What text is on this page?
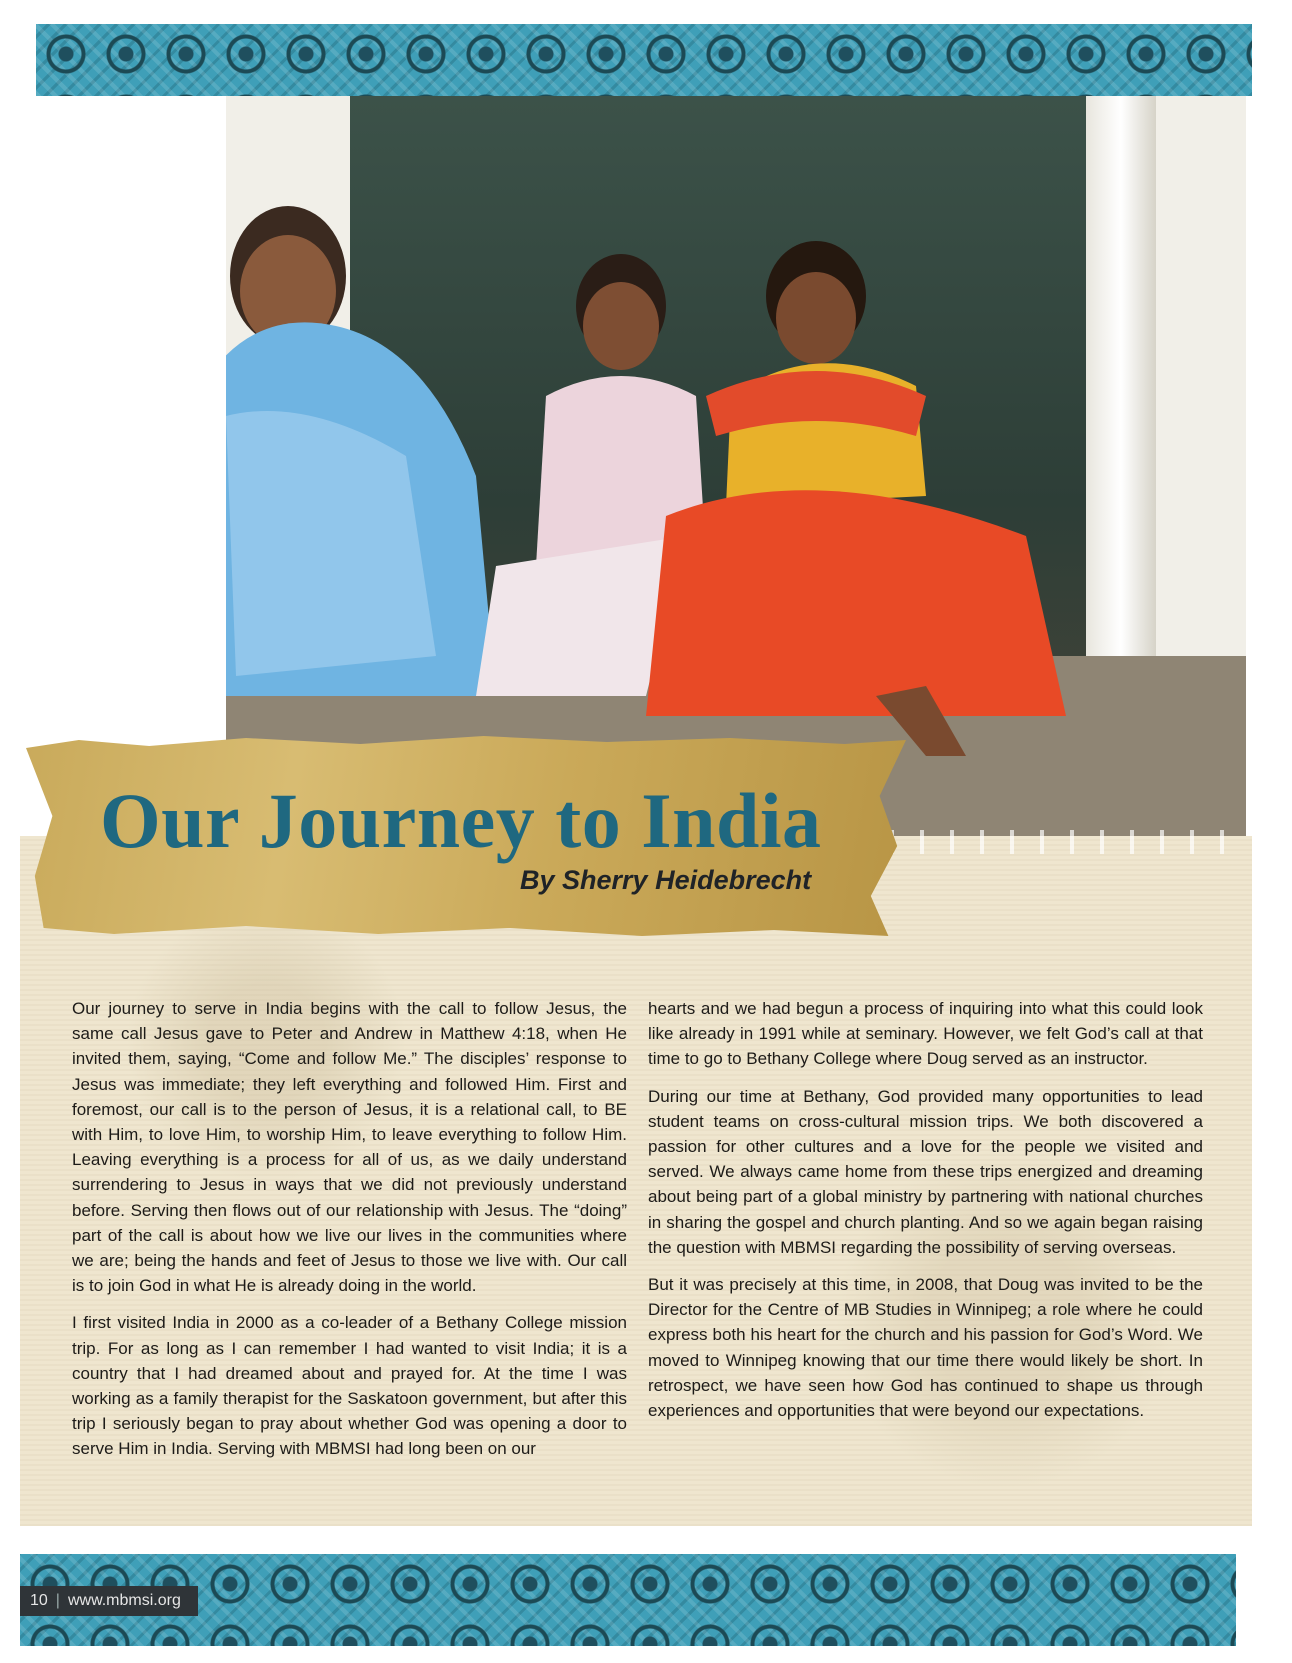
Our Journey to India

By Sherry Heidebrecht

Our journey to serve in India begins with the call to follow Jesus, the same call Jesus gave to Peter and Andrew in Matthew 4:18, when He invited them, saying, “Come and follow Me.” The disciples’ response to Jesus was immediate; they left everything and followed Him. First and foremost, our call is to the person of Jesus, it is a relational call, to BE with Him, to love Him, to worship Him, to leave everything to follow Him. Leaving everything is a process for all of us, as we daily understand surrendering to Jesus in ways that we did not previously understand before. Serving then flows out of our relationship with Jesus. The “doing” part of the call is about how we live our lives in the communities where we are; being the hands and feet of Jesus to those we live with. Our call is to join God in what He is already doing in the world.

I first visited India in 2000 as a co-leader of a Bethany College mission trip. For as long as I can remember I had wanted to visit India; it is a country that I had dreamed about and prayed for. At the time I was working as a family therapist for the Saskatoon government, but after this trip I seriously began to pray about whether God was opening a door to serve Him in India. Serving with MBMSI had long been on our

hearts and we had begun a process of inquiring into what this could look like already in 1991 while at seminary. However, we felt God’s call at that time to go to Bethany College where Doug served as an instructor.

During our time at Bethany, God provided many opportunities to lead student teams on cross-cultural mission trips. We both discovered a passion for other cultures and a love for the people we visited and served. We always came home from these trips energized and dreaming about being part of a global ministry by partnering with national churches in sharing the gospel and church planting. And so we again began raising the question with MBMSI regarding the possibility of serving overseas.

But it was precisely at this time, in 2008, that Doug was invited to be the Director for the Centre of MB Studies in Winnipeg; a role where he could express both his heart for the church and his passion for God’s Word. We moved to Winnipeg knowing that our time there would likely be short. In retrospect, we have seen how God has continued to shape us through experiences and opportunities that were beyond our expectations.

10 | www.mbmsi.org
